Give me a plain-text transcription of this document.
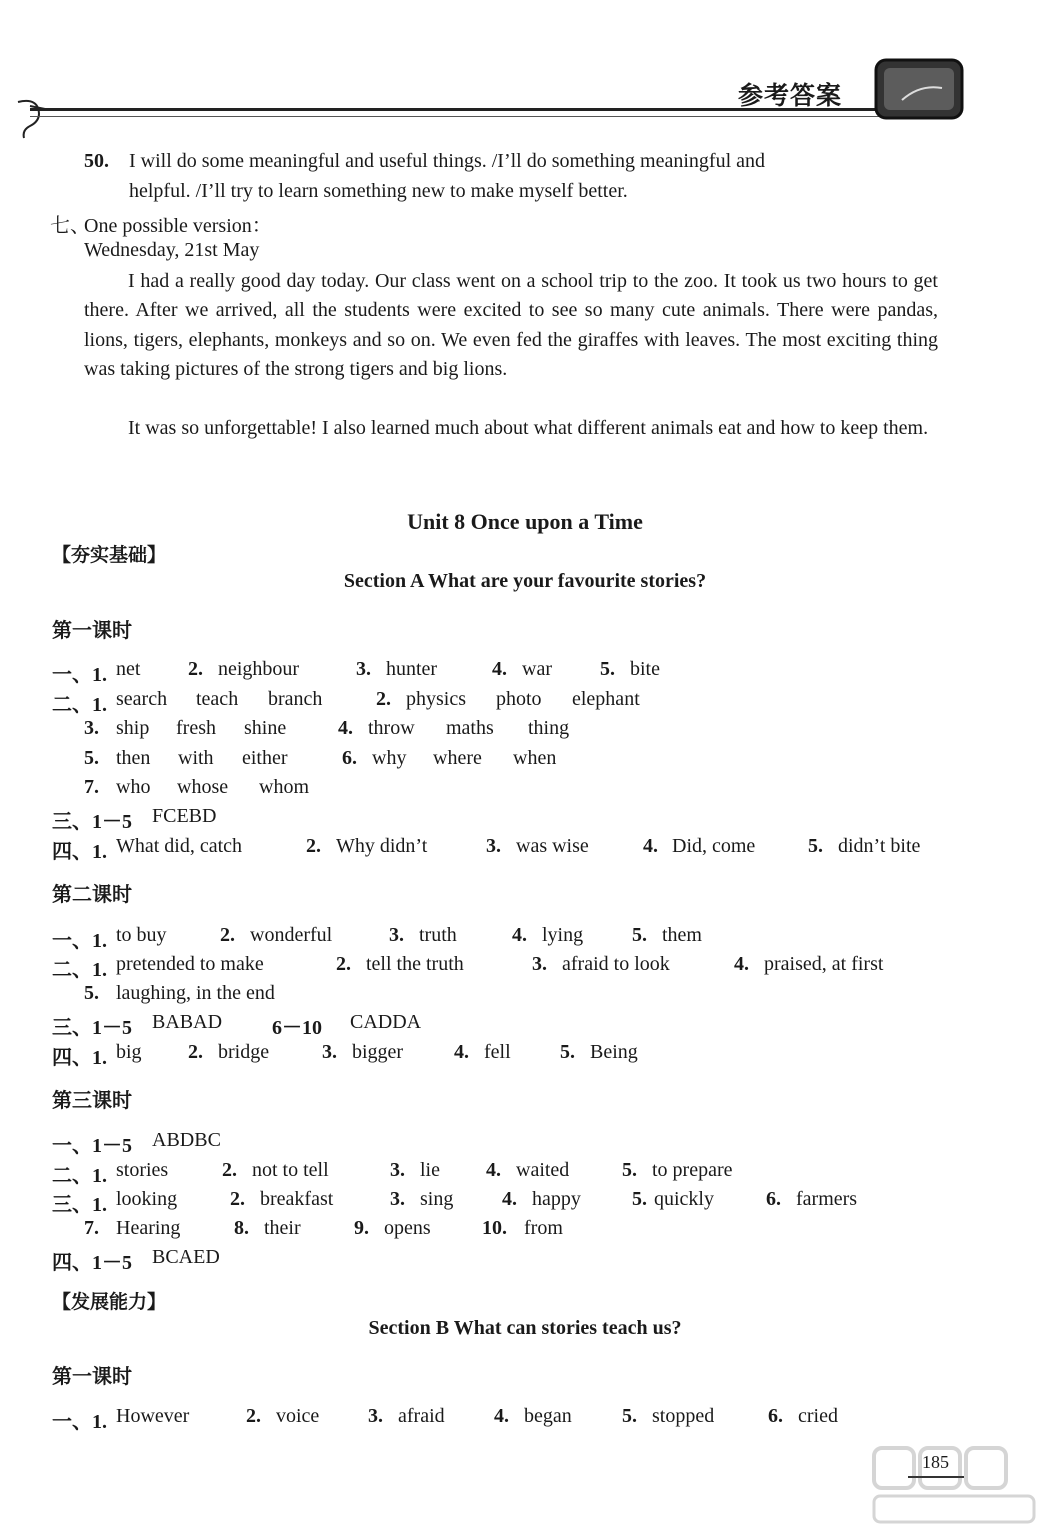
参考答案
50. I will do some meaningful and useful things. /I’ll do something meaningful and
helpful. /I’ll try to learn something new to make myself better.
七、
One possible version：
Wednesday, 21st May
I had a really good day today. Our class went on a school trip to the zoo. It took us two hours to get there. After we arrived, all the students were excited to see so many cute animals. There were pandas, lions, tigers, elephants, monkeys and so on. We even fed the giraffes with leaves. The most exciting thing was taking pictures of the strong tigers and big lions.
It was so unforgettable! I also learned much about what different animals eat and how to keep them.
Unit 8 Once upon a Time
【夯实基础】
Section A What are your favourite stories?
第一课时
一、1. net 2. neighbour	3. hunter	4. war 5. bite
二、1. search teach branch	2. physics photo elephant
3. ship fresh shine	4. throw maths thing
5. then with either	6. why where when
7. who whose whom
三、1－5 FCEBD
四、1. What did, catch	2. Why didn’t	3. was wise	4. Did, come	5. didn’t bite
第二课时
一、1. to buy	2. wonderful	3. truth	4. lying 5. them
二、1. pretended to make	2. tell the truth	3. afraid to look	4. praised, at first
5. laughing, in the end
三、1－5 BABAD 6－10 CADDA
四、1. big 2. bridge	3. bigger	4. fell 5. Being
第三课时
一、1－5 ABDBC
二、1. stories	2. not to tell	3. lie 4. waited	5. to prepare
三、1. looking	2. breakfast	3. sing 4. happy	5. quickly	6. farmers
7. Hearing	8. their	9. opens	10. from
四、1－5 BCAED
【发展能力】
Section B What can stories teach us?
第一课时
一、1. However	2. voice 3. afraid 4. began	5. stopped	6. cried
185
